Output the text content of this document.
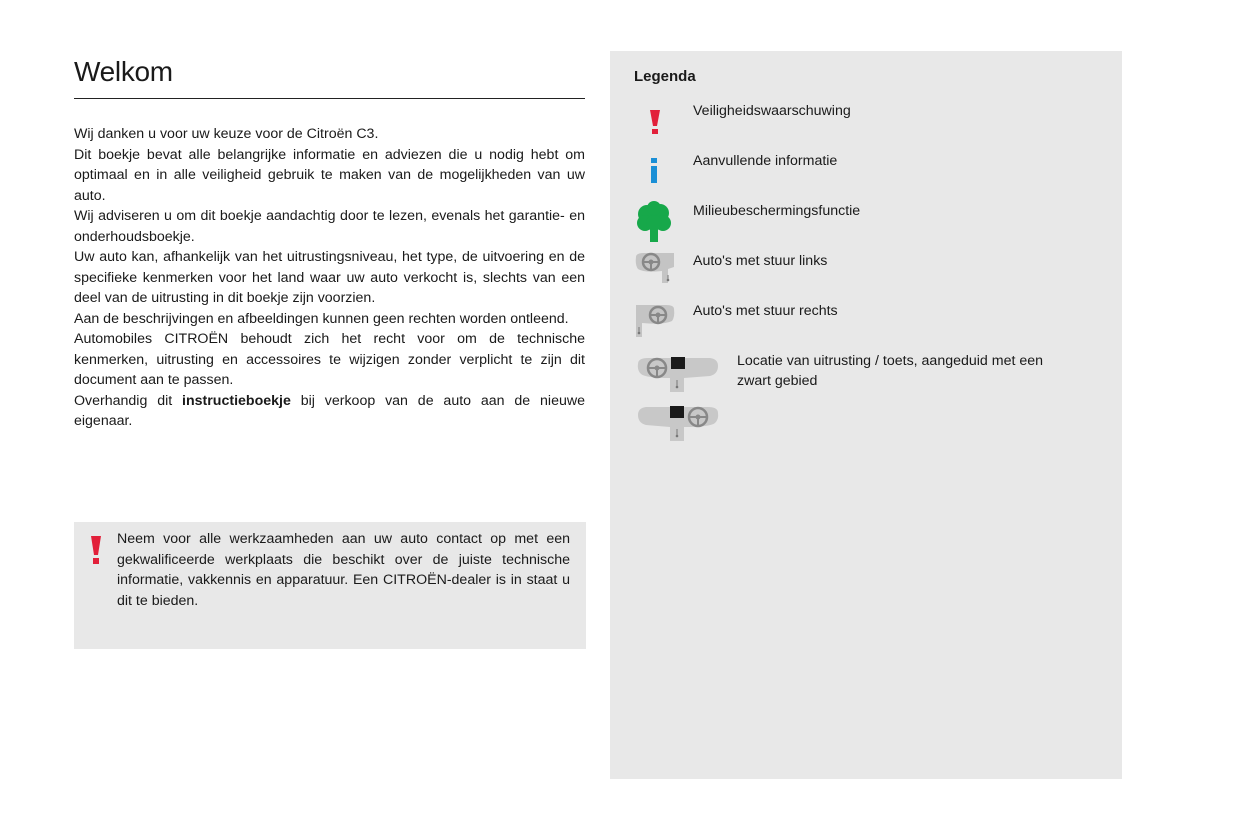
Welkom

Wij danken u voor uw keuze voor de Citroën C3.

Dit boekje bevat alle belangrijke informatie en adviezen die u nodig hebt om optimaal en in alle veiligheid gebruik te maken van de mogelijkheden van uw auto.

Wij adviseren u om dit boekje aandachtig door te lezen, evenals het garantie- en onderhoudsboekje.

Uw auto kan, afhankelijk van het uitrustingsniveau, het type, de uitvoering en de specifieke kenmerken voor het land waar uw auto verkocht is, slechts van een deel van de uitrusting in dit boekje zijn voorzien.

Aan de beschrijvingen en afbeeldingen kunnen geen rechten worden ontleend.

Automobiles CITROËN behoudt zich het recht voor om de technische kenmerken, uitrusting en accessoires te wijzigen zonder verplicht te zijn dit document aan te passen.

Overhandig dit instructieboekje bij verkoop van de auto aan de nieuwe eigenaar.

Neem voor alle werkzaamheden aan uw auto contact op met een gekwalificeerde werkplaats die beschikt over de juiste technische informatie, vakkennis en apparatuur. Een CITROËN-dealer is in staat u dit te bieden.

Legenda
Veiligheidswaarschuwing
Aanvullende informatie
Milieubeschermingsfunctie
Auto's met stuur links
Auto's met stuur rechts
Locatie van uitrusting / toets, aangeduid met een zwart gebied
